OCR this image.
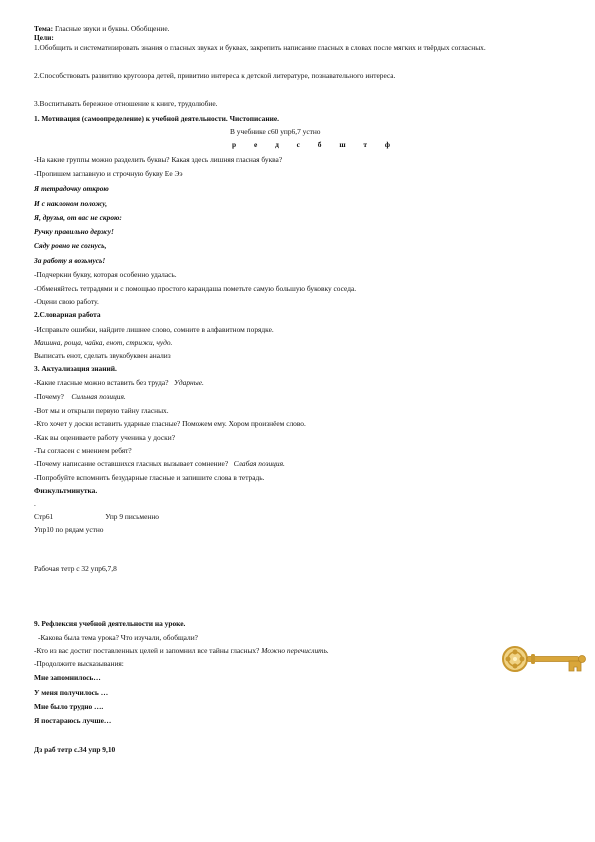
Тема: Гласные звуки и буквы. Обобщение.
Цели:
1.Обобщить и систематизировать знания о гласных звуках и буквах, закрепить написание гласных в словах после мягких и твёрдых согласных.
2.Способствовать развитию кругозора детей, привитию интереса к детской литературе, познавательного интереса.
3.Воспитывать бережное отношение к книге, трудолюбие.
1. Мотивация (самоопределение) к учебной деятельности. Чистописание.
В учебнике с60 упр6,7 устно
р е д с б ш т ф
-На какие группы можно разделить буквы? Какая здесь лишняя гласная буква?
-Пропишем заглавную и строчную букву Ее Ээ
Я тетрадочку открою
И с наклоном положу,
Я, друзья, от вас не скрою:
Ручку правильно держу!
Сяду ровно не согнусь,
За работу я возьмусь!
-Подчеркни букву, которая особенно удалась.
-Обменяйтесь тетрадями и с помощью простого карандаша пометьте самую большую буковку соседа.
-Оцени свою работу.
2.Словарная работа
-Исправьте ошибки, найдите лишнее слово, сомните в алфавитном порядке.
Машина, роща, чайка, енот, стрижи, чудо.
Выписать енот, сделать звукобуквен анализ
3. Актуализация знаний.
-Какие гласные можно вставить без труда? Ударные.
-Почему? Сильная позиция.
-Вот мы и открыли первую тайну гласных.
-Кто хочет у доски вставить ударные гласные? Поможем ему. Хором произнёем слово.
-Как вы оцениваете работу ученика у доски?
-Ты согласен с мнением ребят?
-Почему написание оставшихся гласных вызывает сомнение? Слабая позиция.
-Попробуйте вспомнить безударные гласные и запишите слова в тетрадь.
Физкультминутка.
.
Стр61	Упр 9 письменно
Упр10 по рядам устно
Рабочая тетр с 32 упр6,7,8
9. Рефлексия учебной деятельности на уроке.
-Какова была тема урока? Что изучали, обобщали?
-Кто из вас достиг поставленных целей и запомнил все тайны гласных? Можно перечислить.
-Продолжите высказывания:
Мне запомнилось…
У меня получилось …
Мне было трудно ….
Я постараюсь лучше…
Дз раб тетр с.34 упр 9,10
